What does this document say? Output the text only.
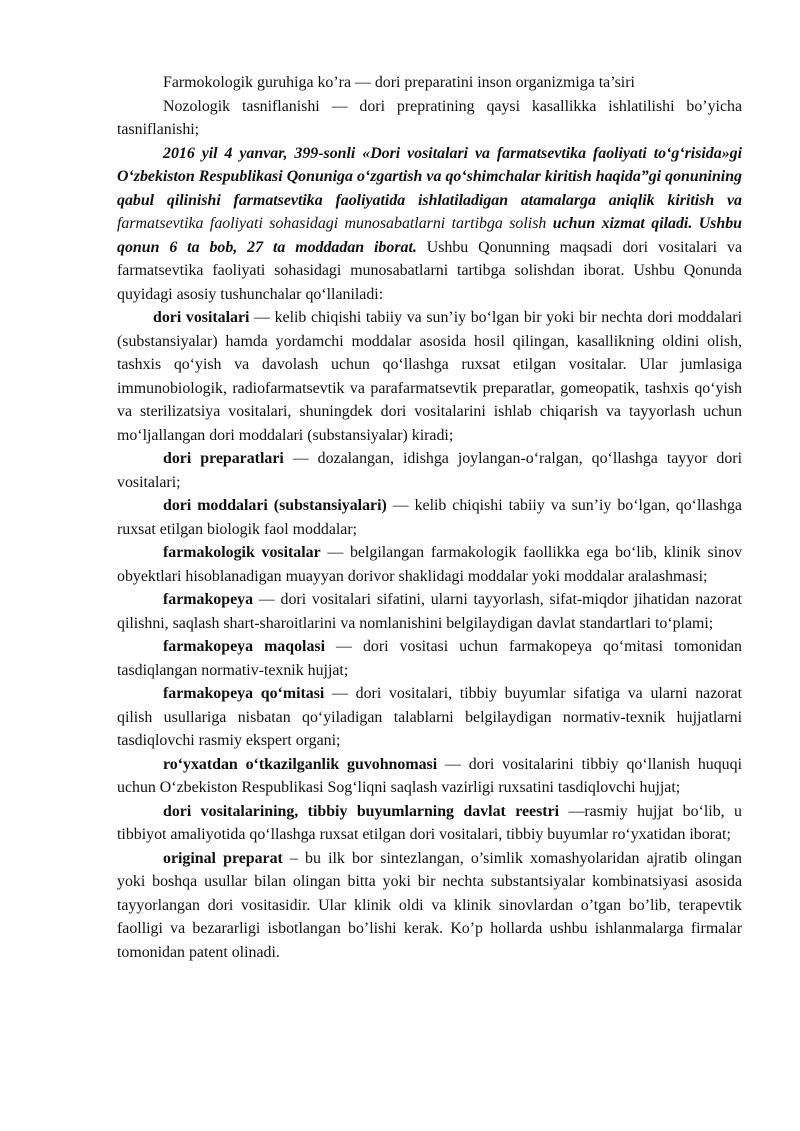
Farmokologik guruhiga ko’ra — dori preparatini inson organizmiga ta’siri

Nozologik tasniflanishi — dori prepratining qaysi kasallikka ishlatilishi bo’yicha tasniflanishi;

2016 yil 4 yanvar, 399-sonli «Dori vositalari va farmatsevtika faoliyati to‘g‘risida»gi O‘zbekiston Respublikasi Qonuniga o‘zgartish va qo‘shimchalar kiritish haqida”gi qonunining qabul qilinishi farmatsevtika faoliyatida ishlatiladigan atamalarga aniqlik kiritish va farmatsevtika faoliyati sohasidagi munosabatlarni tartibga solish uchun xizmat qiladi. Ushbu qonun 6 ta bob, 27 ta moddadan iborat. Ushbu Qonunning maqsadi dori vositalari va farmatsevtika faoliyati sohasidagi munosabatlarni tartibga solishdan iborat. Ushbu Qonunda quyidagi asosiy tushunchalar qo‘llaniladi:

dori vositalari — kelib chiqishi tabiiy va sun’iy bo‘lgan bir yoki bir nechta dori moddalari (substansiyalar) hamda yordamchi moddalar asosida hosil qilingan, kasallikning oldini olish, tashxis qo‘yish va davolash uchun qo‘llashga ruxsat etilgan vositalar. Ular jumlasiga immunobiologik, radiofarmatsevtik va parafarmatsevtik preparatlar, gomeopatik, tashxis qo‘yish va sterilizatsiya vositalari, shuningdek dori vositalarini ishlab chiqarish va tayyorlash uchun mo‘ljallangan dori moddalari (substansiyalar) kiradi;

dori preparatlari — dozalangan, idishga joylangan-o‘ralgan, qo‘llashga tayyor dori vositalari;

dori moddalari (substansiyalari) — kelib chiqishi tabiiy va sun’iy bo‘lgan, qo‘llashga ruxsat etilgan biologik faol moddalar;

farmakologik vositalar — belgilangan farmakologik faollikka ega bo‘lib, klinik sinov obyektlari hisoblanadigan muayyan dorivor shaklidagi moddalar yoki moddalar aralashmasi;

farmakopeya — dori vositalari sifatini, ularni tayyorlash, sifat-miqdor jihatidan nazorat qilishni, saqlash shart-sharoitlarini va nomlanishini belgilaydigan davlat standartlari to‘plami;

farmakopeya maqolasi — dori vositasi uchun farmakopeya qo‘mitasi tomonidan tasdiqlangan normativ-texnik hujjat;

farmakopeya qo‘mitasi — dori vositalari, tibbiy buyumlar sifatiga va ularni nazorat qilish usullariga nisbatan qo‘yiladigan talablarni belgilaydigan normativ-texnik hujjatlarni tasdiqlovchi rasmiy ekspert organi;

ro‘yxatdan o‘tkazilganlik guvohnomasi — dori vositalarini tibbiy qo‘llanish huquqi uchun O‘zbekiston Respublikasi Sog‘liqni saqlash vazirligi ruxsatini tasdiqlovchi hujjat;

dori vositalarining, tibbiy buyumlarning davlat reestri —rasmiy hujjat bo‘lib, u tibbiyot amaliyotida qo‘llashga ruxsat etilgan dori vositalari, tibbiy buyumlar ro‘yxatidan iborat;

original preparat – bu ilk bor sintezlangan, o’simlik xomashyolaridan ajratib olingan yoki boshqa usullar bilan olingan bitta yoki bir nechta substantsiyalar kombinatsiyasi asosida tayyorlangan dori vositasidir. Ular klinik oldi va klinik sinovlardan o’tgan bo’lib, terapevtik faolligi va bezararligi isbotlangan bo’lishi kerak. Ko’p hollarda ushbu ishlanmalarga firmalar tomonidan patent olinadi.
